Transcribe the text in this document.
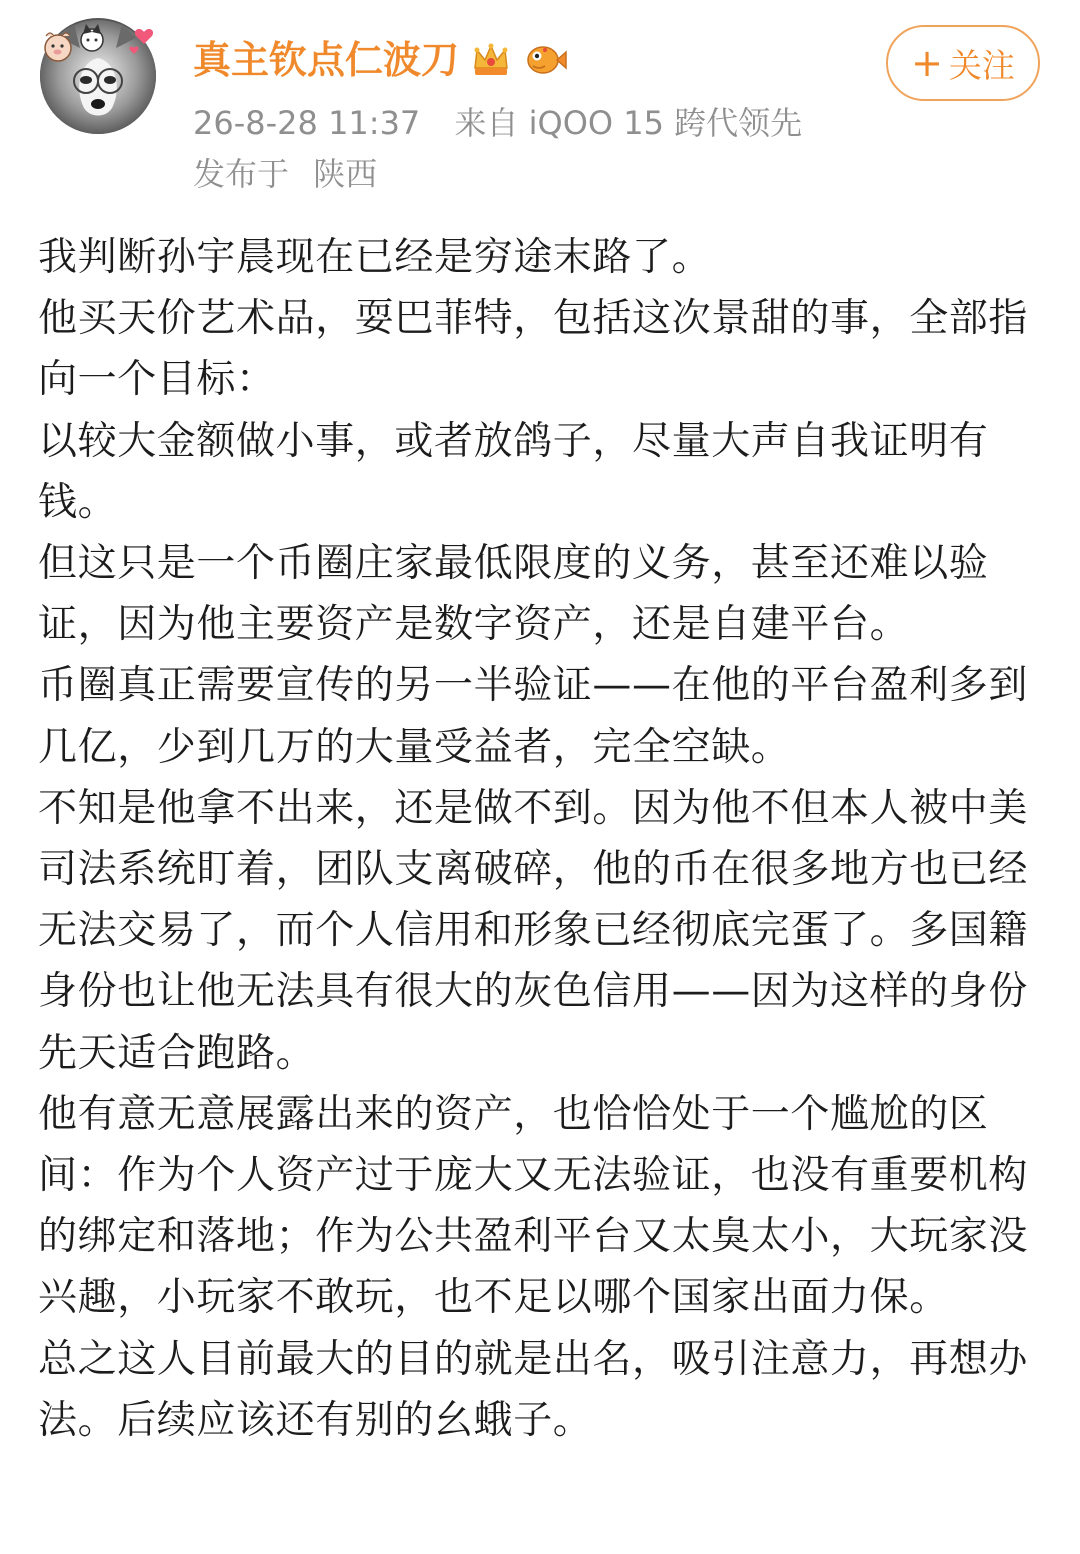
真主钦点仁波刀
26-8-28 11:37 来自 iQOO 15 跨代领先
发布于 陕西
+ 关注

我判断孙宇晨现在已经是穷途末路了。

他买天价艺术品，耍巴菲特，包括这次景甜的事，全部指向一个目标：

以较大金额做小事，或者放鸽子，尽量大声自我证明有钱。

但这只是一个币圈庄家最低限度的义务，甚至还难以验证，因为他主要资产是数字资产，还是自建平台。

币圈真正需要宣传的另一半验证——在他的平台盈利多到几亿，少到几万的大量受益者，完全空缺。

不知是他拿不出来，还是做不到。因为他不但本人被中美司法系统盯着，团队支离破碎，他的币在很多地方也已经无法交易了，而个人信用和形象已经彻底完蛋了。多国籍身份也让他无法具有很大的灰色信用——因为这样的身份先天适合跑路。

他有意无意展露出来的资产，也恰恰处于一个尴尬的区间：作为个人资产过于庞大又无法验证，也没有重要机构的绑定和落地；作为公共盈利平台又太臭太小，大玩家没兴趣，小玩家不敢玩，也不足以哪个国家出面力保。

总之这人目前最大的目的就是出名，吸引注意力，再想办法。后续应该还有别的幺蛾子。
